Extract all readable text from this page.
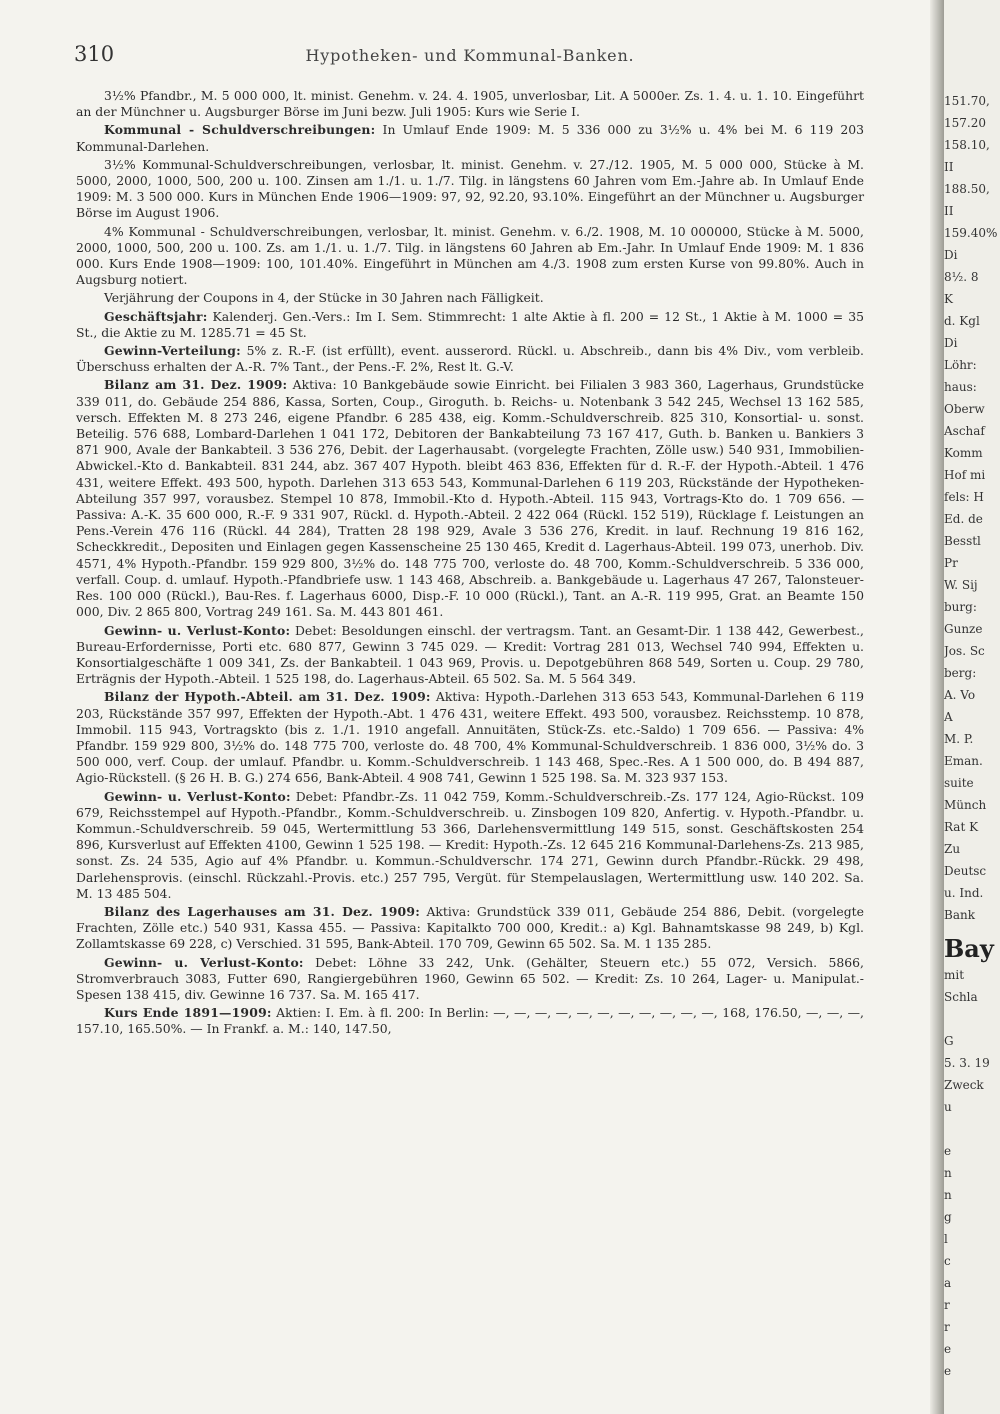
310	Hypotheken- und Kommunal-Banken.

3½% Pfandbr., M. 5 000 000, lt. minist. Genehm. v. 24. 4. 1905, unverlosbar, Lit. A 5000er. Zs. 1. 4. u. 1. 10. Eingeführt an der Münchner u. Augsburger Börse im Juni bezw. Juli 1905: Kurs wie Serie I.

Kommunal - Schuldverschreibungen: In Umlauf Ende 1909: M. 5 336 000 zu 3½% u. 4% bei M. 6 119 203 Kommunal-Darlehen.

3½% Kommunal-Schuldverschreibungen, verlosbar, lt. minist. Genehm. v. 27./12. 1905, M. 5 000 000, Stücke à M. 5000, 2000, 1000, 500, 200 u. 100. Zinsen am 1./1. u. 1./7. Tilg. in längstens 60 Jahren vom Em.-Jahre ab. In Umlauf Ende 1909: M. 3 500 000. Kurs in München Ende 1906—1909: 97, 92, 92.20, 93.10%. Eingeführt an der Münchner u. Augsburger Börse im August 1906.

4% Kommunal - Schuldverschreibungen, verlosbar, lt. minist. Genehm. v. 6./2. 1908, M. 10 000000, Stücke à M. 5000, 2000, 1000, 500, 200 u. 100. Zs. am 1./1. u. 1./7. Tilg. in längstens 60 Jahren ab Em.-Jahr. In Umlauf Ende 1909: M. 1 836 000. Kurs Ende 1908—1909: 100, 101.40%. Eingeführt in München am 4./3. 1908 zum ersten Kurse von 99.80%. Auch in Augsburg notiert.

Verjährung der Coupons in 4, der Stücke in 30 Jahren nach Fälligkeit.

Geschäftsjahr: Kalenderj. Gen.-Vers.: Im I. Sem. Stimmrecht: 1 alte Aktie à fl. 200 = 12 St., 1 Aktie à M. 1000 = 35 St., die Aktie zu M. 1285.71 = 45 St.

Gewinn-Verteilung: 5% z. R.-F. (ist erfüllt), event. ausserord. Rückl. u. Abschreib., dann bis 4% Div., vom verbleib. Überschuss erhalten der A.-R. 7% Tant., der Pens.-F. 2%, Rest lt. G.-V.

Bilanz am 31. Dez. 1909: Aktiva: 10 Bankgebäude sowie Einricht. bei Filialen 3 983 360, Lagerhaus, Grundstücke 339 011, do. Gebäude 254 886, Kassa, Sorten, Coup., Giroguth. b. Reichs- u. Notenbank 3 542 245, Wechsel 13 162 585, versch. Effekten M. 8 273 246, eigene Pfandbr. 6 285 438, eig. Komm.-Schuldverschreib. 825 310, Konsortial- u. sonst. Beteilig. 576 688, Lombard-Darlehen 1 041 172, Debitoren der Bankabteilung 73 167 417, Guth. b. Banken u. Bankiers 3 871 900, Avale der Bankabteil. 3 536 276, Debit. der Lagerhausabt. (vorgelegte Frachten, Zölle usw.) 540 931, Immobilien-Abwickel.-Kto d. Bankabteil. 831 244, abz. 367 407 Hypoth. bleibt 463 836, Effekten für d. R.-F. der Hypoth.-Abteil. 1 476 431, weitere Effekt. 493 500, hypoth. Darlehen 313 653 543, Kommunal-Darlehen 6 119 203, Rückstände der Hypotheken-Abteilung 357 997, vorausbez. Stempel 10 878, Immobil.-Kto d. Hypoth.-Abteil. 115 943, Vortrags-Kto do. 1 709 656. — Passiva: A.-K. 35 600 000, R.-F. 9 331 907, Rückl. d. Hypoth.-Abteil. 2 422 064 (Rückl. 152 519), Rücklage f. Leistungen an Pens.-Verein 476 116 (Rückl. 44 284), Tratten 28 198 929, Avale 3 536 276, Kredit. in lauf. Rechnung 19 816 162, Scheckkredit., Depositen und Einlagen gegen Kassenscheine 25 130 465, Kredit d. Lagerhaus-Abteil. 199 073, unerhob. Div. 4571, 4% Hypoth.-Pfandbr. 159 929 800, 3½% do. 148 775 700, verloste do. 48 700, Komm.-Schuldverschreib. 5 336 000, verfall. Coup. d. umlauf. Hypoth.-Pfandbriefe usw. 1 143 468, Abschreib. a. Bankgebäude u. Lagerhaus 47 267, Talonsteuer-Res. 100 000 (Rückl.), Bau-Res. f. Lagerhaus 6000, Disp.-F. 10 000 (Rückl.), Tant. an A.-R. 119 995, Grat. an Beamte 150 000, Div. 2 865 800, Vortrag 249 161. Sa. M. 443 801 461.

Gewinn- u. Verlust-Konto: Debet: Besoldungen einschl. der vertragsm. Tant. an Gesamt-Dir. 1 138 442, Gewerbest., Bureau-Erfordernisse, Porti etc. 680 877, Gewinn 3 745 029. — Kredit: Vortrag 281 013, Wechsel 740 994, Effekten u. Konsortialgeschäfte 1 009 341, Zs. der Bankabteil. 1 043 969, Provis. u. Depotgebühren 868 549, Sorten u. Coup. 29 780, Erträgnis der Hypoth.-Abteil. 1 525 198, do. Lagerhaus-Abteil. 65 502. Sa. M. 5 564 349.

Bilanz der Hypoth.-Abteil. am 31. Dez. 1909: Aktiva: Hypoth.-Darlehen 313 653 543, Kommunal-Darlehen 6 119 203, Rückstände 357 997, Effekten der Hypoth.-Abt. 1 476 431, weitere Effekt. 493 500, vorausbez. Reichsstemp. 10 878, Immobil. 115 943, Vortragskto (bis z. 1./1. 1910 angefall. Annuitäten, Stück-Zs. etc.-Saldo) 1 709 656. — Passiva: 4% Pfandbr. 159 929 800, 3½% do. 148 775 700, verloste do. 48 700, 4% Kommunal-Schuldverschreib. 1 836 000, 3½% do. 3 500 000, verf. Coup. der umlauf. Pfandbr. u. Komm.-Schuldverschreib. 1 143 468, Spec.-Res. A 1 500 000, do. B 494 887, Agio-Rückstell. (§ 26 H. B. G.) 274 656, Bank-Abteil. 4 908 741, Gewinn 1 525 198. Sa. M. 323 937 153.

Gewinn- u. Verlust-Konto: Debet: Pfandbr.-Zs. 11 042 759, Komm.-Schuldverschreib.-Zs. 177 124, Agio-Rückst. 109 679, Reichsstempel auf Hypoth.-Pfandbr., Komm.-Schuldverschreib. u. Zinsbogen 109 820, Anfertig. v. Hypoth.-Pfandbr. u. Kommun.-Schuldverschreib. 59 045, Wertermittlung 53 366, Darlehensvermittlung 149 515, sonst. Geschäftskosten 254 896, Kursverlust auf Effekten 4100, Gewinn 1 525 198. — Kredit: Hypoth.-Zs. 12 645 216 Kommunal-Darlehens-Zs. 213 985, sonst. Zs. 24 535, Agio auf 4% Pfandbr. u. Kommun.-Schuldverschr. 174 271, Gewinn durch Pfandbr.-Rückk. 29 498, Darlehensprovis. (einschl. Rückzahl.-Provis. etc.) 257 795, Vergüt. für Stempelauslagen, Wertermittlung usw. 140 202. Sa. M. 13 485 504.

Bilanz des Lagerhauses am 31. Dez. 1909: Aktiva: Grundstück 339 011, Gebäude 254 886, Debit. (vorgelegte Frachten, Zölle etc.) 540 931, Kassa 455. — Passiva: Kapitalkto 700 000, Kredit.: a) Kgl. Bahnamtskasse 98 249, b) Kgl. Zollamtskasse 69 228, c) Verschied. 31 595, Bank-Abteil. 170 709, Gewinn 65 502. Sa. M. 1 135 285.

Gewinn- u. Verlust-Konto: Debet: Löhne 33 242, Unk. (Gehälter, Steuern etc.) 55 072, Versich. 5866, Stromverbrauch 3083, Futter 690, Rangiergebühren 1960, Gewinn 65 502. — Kredit: Zs. 10 264, Lager- u. Manipulat.-Spesen 138 415, div. Gewinne 16 737. Sa. M. 165 417.

Kurs Ende 1891—1909: Aktien: I. Em. à fl. 200: In Berlin: —, —, —, —, —, —, —, —, —, —, —, 168, 176.50, —, —, —, 157.10, 165.50%. — In Frankf. a. M.: 140, 147.50,

151.70,
157.20
158.10,
II
188.50,
II
159.40%
Di
8½. 8
K
d. Kgl
Di
Löhr:
haus:
Oberw
Aschaf
Komm
Hof mi
fels: H
Ed. de
Besstl
Pr
W. Sij
burg:
Gunze
Jos. Sc
berg:
A. Vo
A
M. P.
Eman.
suite
Münch
Rat K
Zu
Deutsc
u. Ind.
Bank
Bay
mit
Schla

G
5. 3. 19
Zweck
u

e
n
n
g
l
c
a
r
r
e
e
